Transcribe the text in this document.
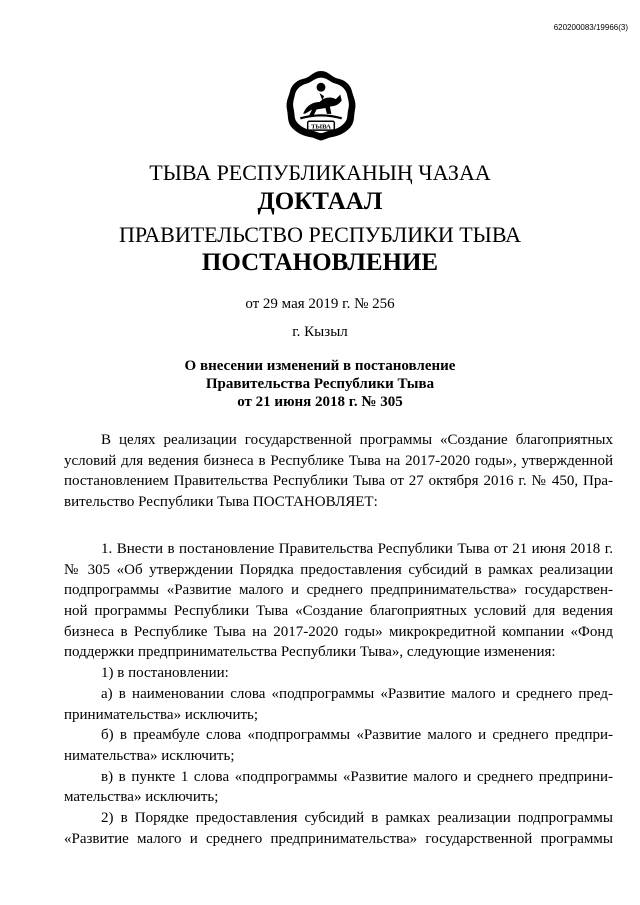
620200083/19966(3)
ТЫВА
ТЫВА РЕСПУБЛИКАНЫҢ ЧАЗАА
ДОКТААЛ
ПРАВИТЕЛЬСТВО РЕСПУБЛИКИ ТЫВА
ПОСТАНОВЛЕНИЕ
от 29 мая 2019 г. № 256
г. Кызыл
О внесении изменений в постановление
Правительства Республики Тыва
от 21 июня 2018 г. № 305
В целях реализации государственной программы «Создание благоприятных
условий для ведения бизнеса в Республике Тыва на 2017-2020 годы», утвержденной
постановлением Правительства Республики Тыва от 27 октября 2016 г. № 450, Пра-
вительство Республики Тыва ПОСТАНОВЛЯЕТ:
1. Внести в постановление Правительства Республики Тыва от 21 июня 2018 г.
№ 305 «Об утверждении Порядка предоставления субсидий в рамках реализации
подпрограммы «Развитие малого и среднего предпринимательства» государствен-
ной программы Республики Тыва «Создание благоприятных условий для ведения
бизнеса в Республике Тыва на 2017-2020 годы» микрокредитной компании «Фонд
поддержки предпринимательства Республики Тыва», следующие изменения:
1) в постановлении:
а) в наименовании слова «подпрограммы «Развитие малого и среднего пред-
принимательства» исключить;
б) в преамбуле слова «подпрограммы «Развитие малого и среднего предпри-
нимательства» исключить;
в) в пункте 1 слова «подпрограммы «Развитие малого и среднего предприни-
мательства» исключить;
2) в Порядке предоставления субсидий в рамках реализации подпрограммы
«Развитие малого и среднего предпринимательства» государственной программы
